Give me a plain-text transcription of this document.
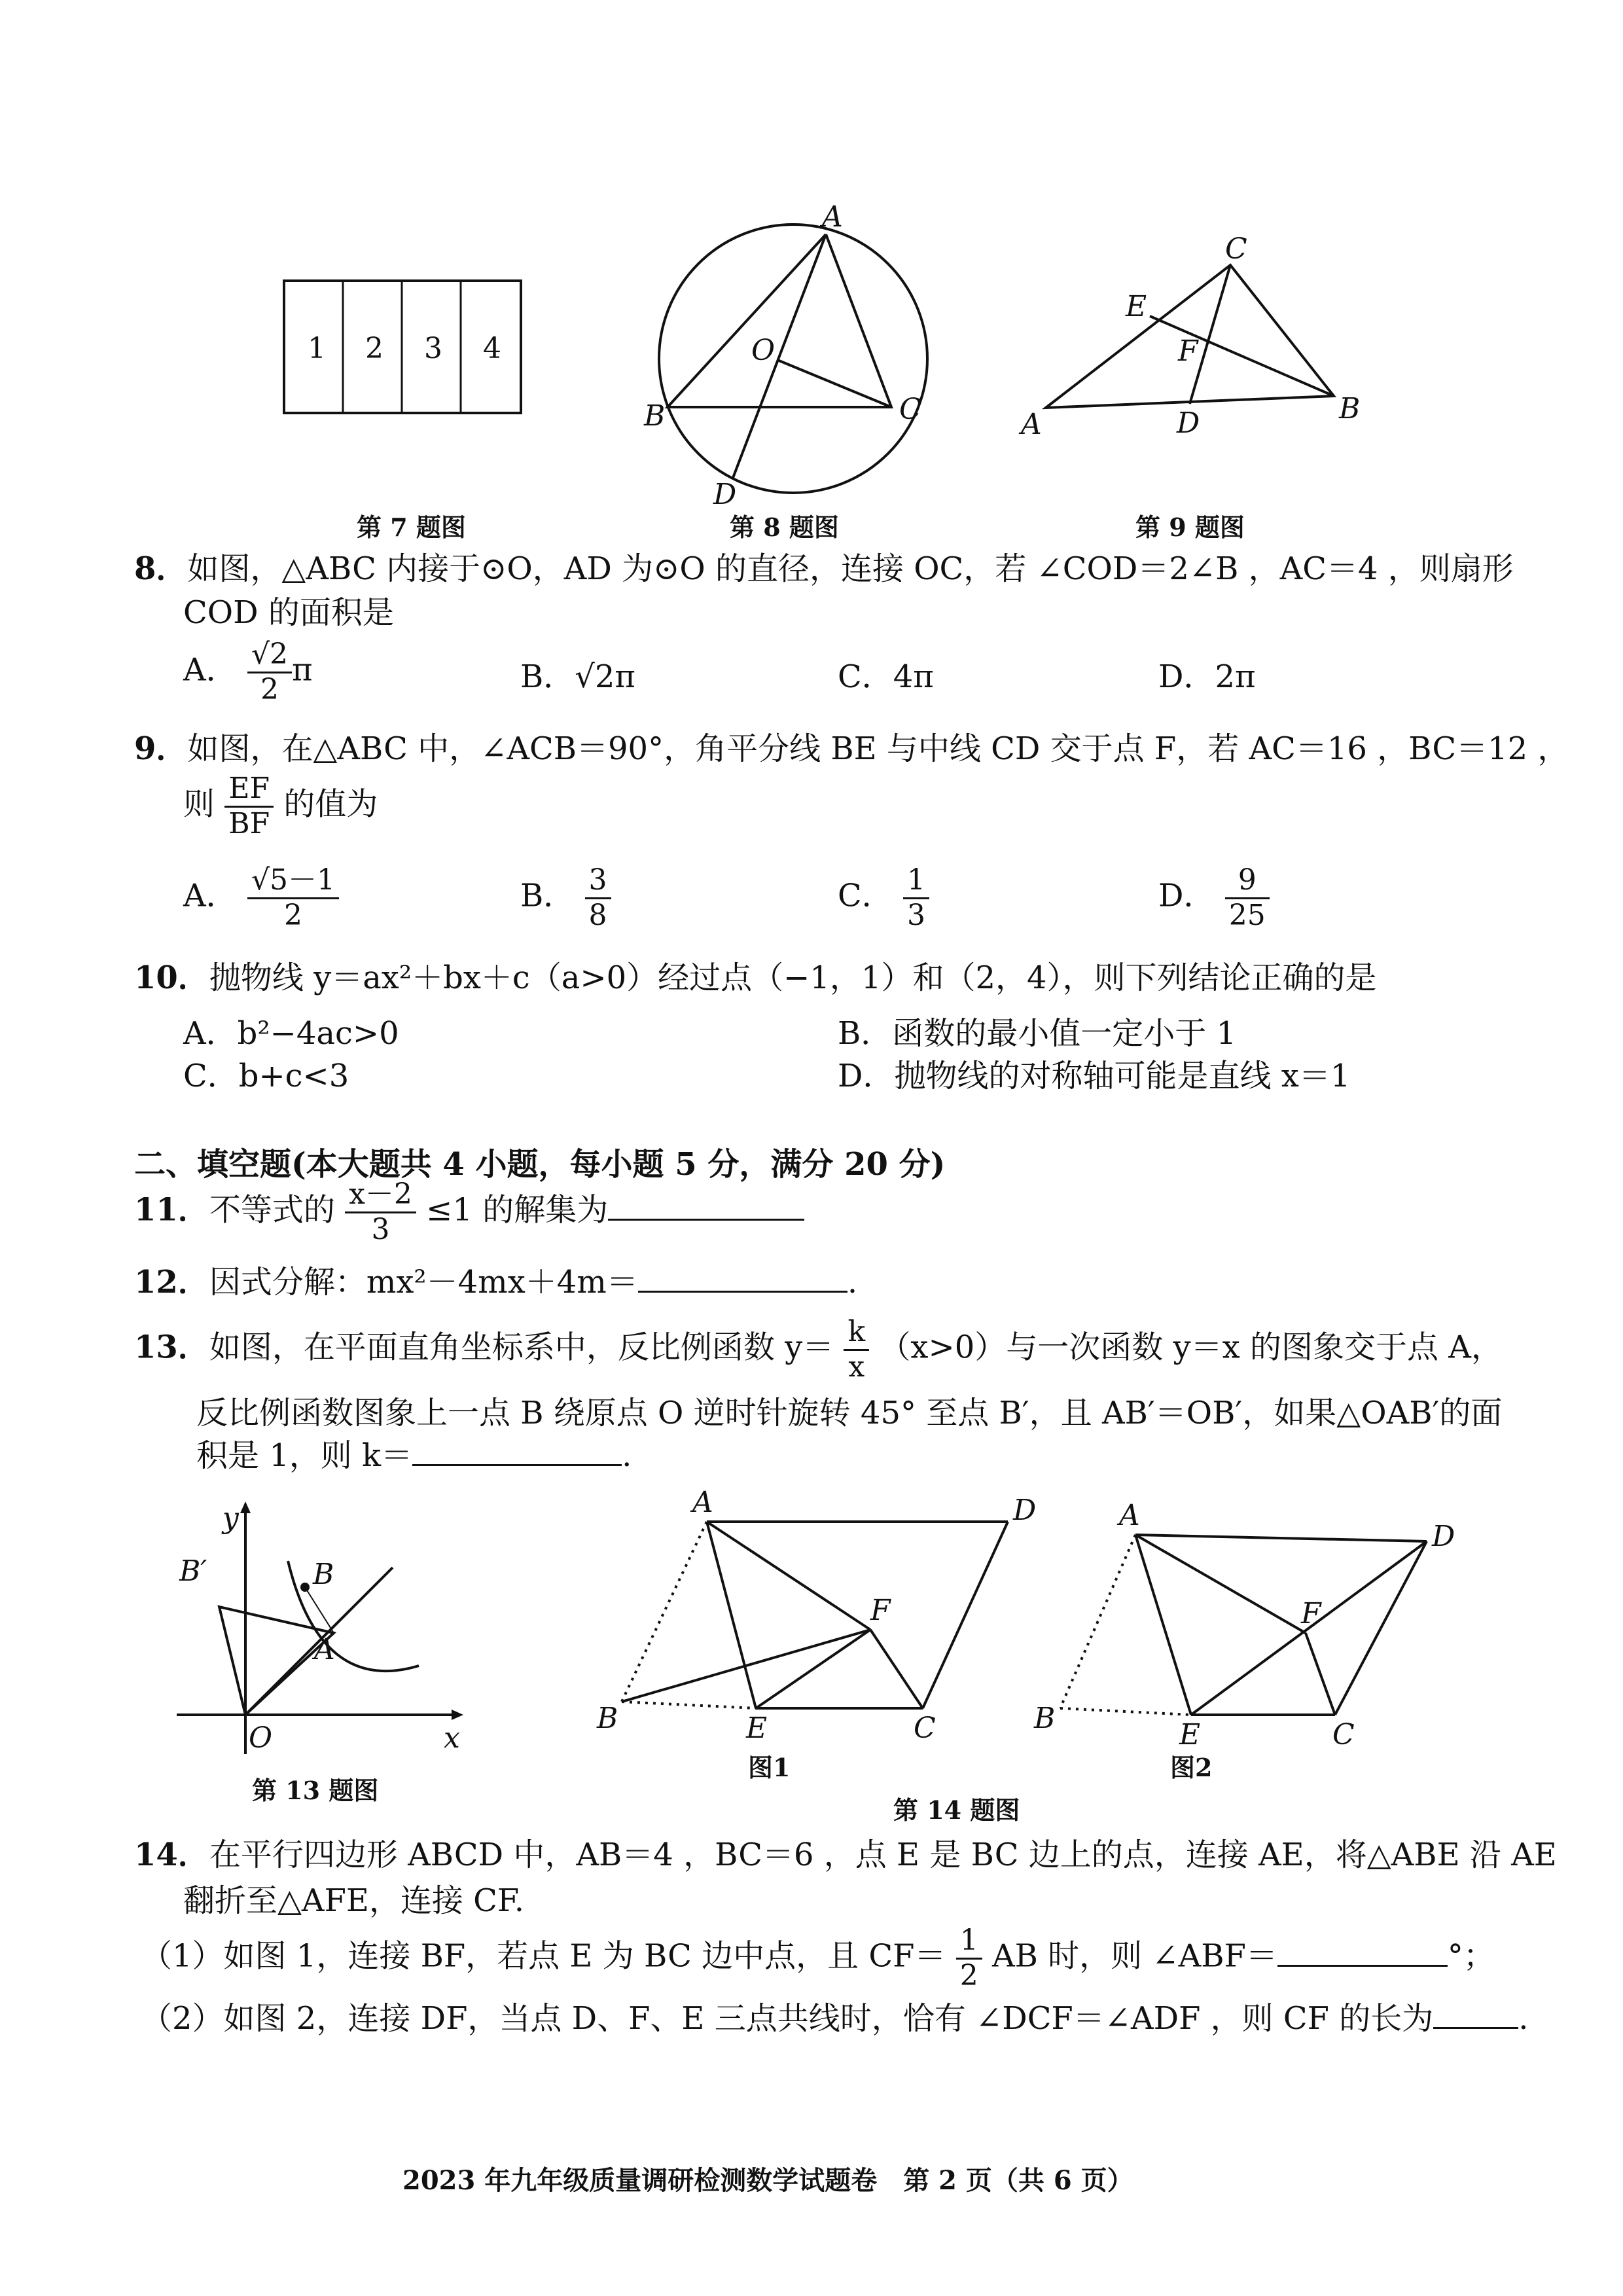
1 2 3 4
第 7 题图
A
B	C
D
O
第 8 题图
C
E
F
A	D	B
第 9 题图
8．如图，△ABC 内接于⊙O，AD 为⊙O 的直径，连接 OC，若 ∠COD＝2∠B ，AC＝4 ，则扇形
COD 的面积是
A． $\frac{√2}{2}$ π	B．√2π	C．4π	D．2π
9．如图，在△ABC 中，∠ACB＝90°，角平分线 BE 与中线 CD 交于点 F，若 AC＝16 ，BC＝12 ，
则 $\frac{EF}{BF}$ 的值为
A． $\frac{√5-1}{2}$	B． $\frac{3}{8}$	C． $\frac{1}{3}$	D． $\frac{9}{25}$
10．抛物线 y＝ax²＋bx＋c（a>0）经过点（−1，1）和（2，4），则下列结论正确的是
A．b²−4ac>0	B．函数的最小值一定小于 1
C．b+c<3	D．抛物线的对称轴可能是直线 x＝1
二、填空题(本大题共 4 小题，每小题 5 分，满分 20 分)
11．不等式的 $\frac{x-2}{3} \le 1$ 的解集为
12．因式分解：mx²－4mx＋4m＝	.
13．如图，在平面直角坐标系中，反比例函数 $y= \frac{k}{x} (x>0)$与一次函数 y＝x 的图象交于点 A，
反比例函数图象上一点 B 绕原点 O 逆时针旋转 45° 至点 B′，且 AB′＝OB′，如果△OAB′的面
积是 1，则 k＝	.
y
x
O
A
B
B′
第 13 题图
A	D
F
B	E	C
图1
A
D
F
B	E	C
图2
第 14 题图
14．在平行四边形 ABCD 中，AB＝4 ，BC＝6 ，点 E 是 BC 边上的点，连接 AE，将△ABE 沿 AE
翻折至△AFE，连接 CF.
（1）如图 1，连接 BF，若点 E 为 BC 边中点，且 $CF= \frac{1}{2}$ AB 时，则 ∠ABF＝	°；
（2）如图 2，连接 DF，当点 D、F、E 三点共线时，恰有 ∠DCF＝∠ADF ，则 CF 的长为	.
2023 年九年级质量调研检测数学试题卷　第 2 页（共 6 页）
